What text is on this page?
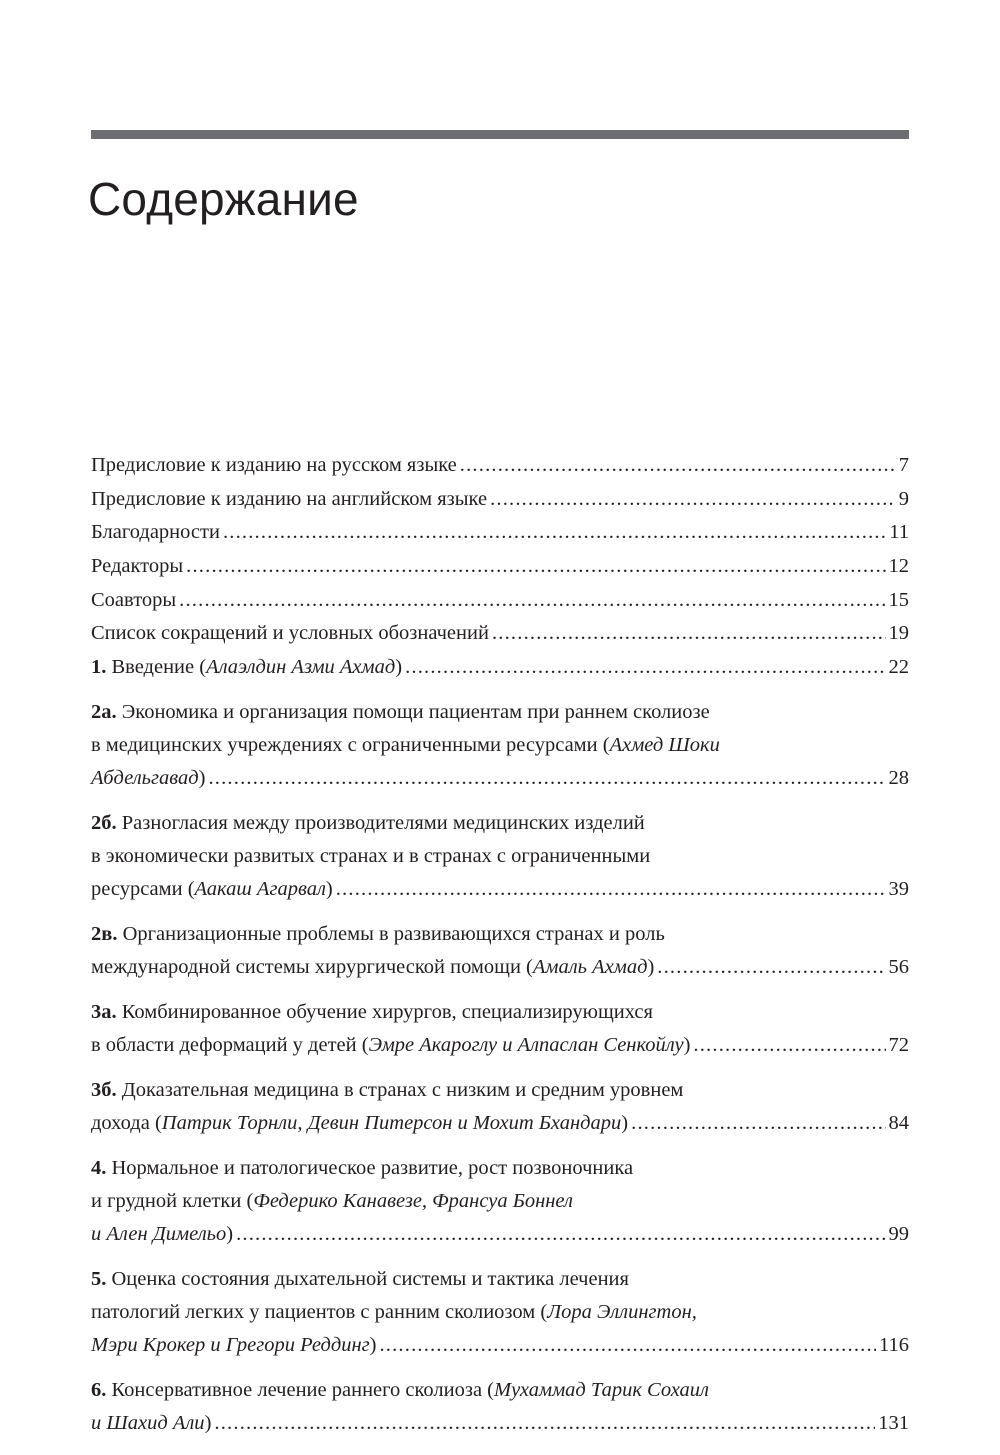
Содержание
Предисловие к изданию на русском языке .....	7
Предисловие к изданию на английском языке .....	9
Благодарности .....	11
Редакторы .....	12
Соавторы .....	15
Список сокращений и условных обозначений .....	19
1. Введение (Алаэлдин Азми Ахмад) .....	22
2а. Экономика и организация помощи пациентам при раннем сколиозе
в медицинских учреждениях с ограниченными ресурсами (Ахмед Шоки
Абдельгавад) .....	28
2б. Разногласия между производителями медицинских изделий
в экономически развитых странах и в странах с ограниченными
ресурсами (Аакаш Агарвал) .....	39
2в. Организационные проблемы в развивающихся странах и роль
международной системы хирургической помощи (Амаль Ахмад) .....	56
3а. Комбинированное обучение хирургов, специализирующихся
в области деформаций у детей (Эмре Акароглу и Алпаслан Сенкойлу) .....	72
3б. Доказательная медицина в странах с низким и средним уровнем
дохода (Патрик Торнли, Девин Питерсон и Мохит Бхандари) .....	84
4. Нормальное и патологическое развитие, рост позвоночника
и грудной клетки (Федерико Канавезе, Франсуа Боннел
и Ален Димельо) .....	99
5. Оценка состояния дыхательной системы и тактика лечения
патологий легких у пациентов с ранним сколиозом (Лора Эллингтон,
Мэри Крокер и Грегори Реддинг) .....	116
6. Консервативное лечение раннего сколиоза (Мухаммад Тарик Сохаил
и Шахид Али) .....	131
